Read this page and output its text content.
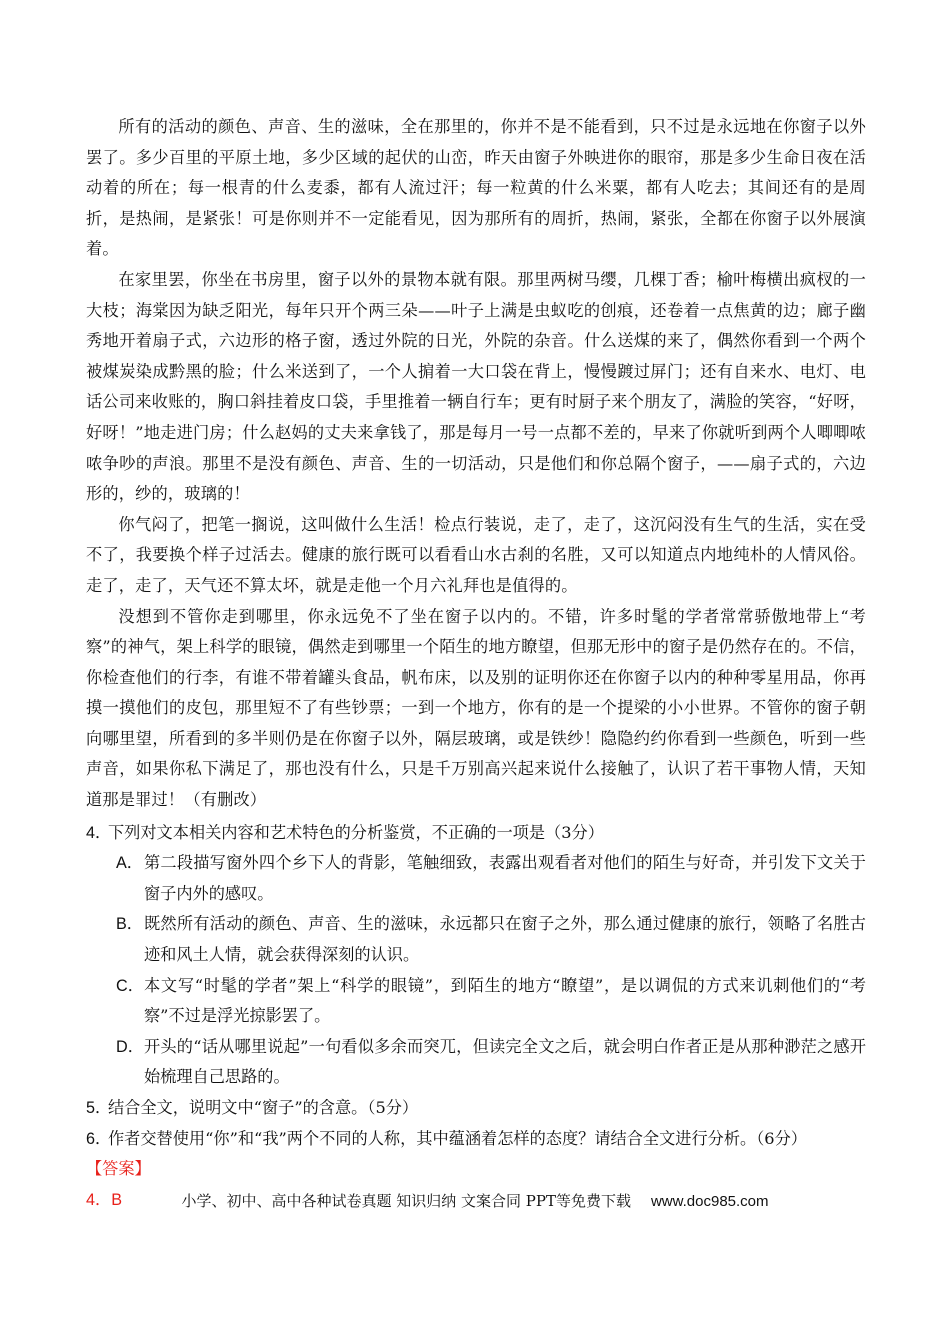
所有的活动的颜色、声音、生的滋味，全在那里的，你并不是不能看到，只不过是永远地在你窗子以外罢了。多少百里的平原土地，多少区域的起伏的山峦，昨天由窗子外映进你的眼帘，那是多少生命日夜在活动着的所在；每一根青的什么麦黍，都有人流过汗；每一粒黄的什么米粟，都有人吃去；其间还有的是周折，是热闹，是紧张！可是你则并不一定能看见，因为那所有的周折，热闹，紧张，全都在你窗子以外展演着。

在家里罢，你坐在书房里，窗子以外的景物本就有限。那里两树马缨，几棵丁香；榆叶梅横出疯杈的一大枝；海棠因为缺乏阳光，每年只开个两三朵——叶子上满是虫蚁吃的创痕，还卷着一点焦黄的边；廊子幽秀地开着扇子式，六边形的格子窗，透过外院的日光，外院的杂音。什么送煤的来了，偶然你看到一个两个被煤炭染成黔黑的脸；什么米送到了，一个人掮着一大口袋在背上，慢慢踱过屏门；还有自来水、电灯、电话公司来收账的，胸口斜挂着皮口袋，手里推着一辆自行车；更有时厨子来个朋友了，满脸的笑容，“好呀，好呀！”地走进门房；什么赵妈的丈夫来拿钱了，那是每月一号一点都不差的，早来了你就听到两个人唧唧哝哝争吵的声浪。那里不是没有颜色、声音、生的一切活动，只是他们和你总隔个窗子，——扇子式的，六边形的，纱的，玻璃的！

你气闷了，把笔一搁说，这叫做什么生活！检点行装说，走了，走了，这沉闷没有生气的生活，实在受不了，我要换个样子过活去。健康的旅行既可以看看山水古刹的名胜，又可以知道点内地纯朴的人情风俗。走了，走了，天气还不算太坏，就是走他一个月六礼拜也是值得的。

没想到不管你走到哪里，你永远免不了坐在窗子以内的。不错，许多时髦的学者常常骄傲地带上“考察”的神气，架上科学的眼镜，偶然走到哪里一个陌生的地方瞭望，但那无形中的窗子是仍然存在的。不信，你检查他们的行李，有谁不带着罐头食品，帆布床，以及别的证明你还在你窗子以内的种种零星用品，你再摸一摸他们的皮包，那里短不了有些钞票；一到一个地方，你有的是一个提梁的小小世界。不管你的窗子朝向哪里望，所看到的多半则仍是在你窗子以外，隔层玻璃，或是铁纱！隐隐约约你看到一些颜色，听到一些声音，如果你私下满足了，那也没有什么，只是千万别高兴起来说什么接触了，认识了若干事物人情，天知道那是罪过！（有删改）

4．
下列对文本相关内容和艺术特色的分析鉴赏，不正确的一项是（3分）
A． 第二段描写窗外四个乡下人的背影，笔触细致，表露出观看者对他们的陌生与好奇，并引发下文关于窗子内外的感叹。
B． 既然所有活动的颜色、声音、生的滋味，永远都只在窗子之外，那么通过健康的旅行，领略了名胜古迹和风土人情，就会获得深刻的认识。
C． 本文写“时髦的学者”架上“科学的眼镜”，到陌生的地方“瞭望”，是以调侃的方式来讥刺他们的“考察”不过是浮光掠影罢了。
D． 开头的“话从哪里说起”一句看似多余而突兀，但读完全文之后，就会明白作者正是从那种渺茫之感开始梳理自己思路的。
5．
结合全文，说明文中“窗子”的含意。（5分）
6．
作者交替使用“你”和“我”两个不同的人称，其中蕴涵着怎样的态度？请结合全文进行分析。（6分）

【答案】

4．B	小学、初中、高中各种试卷真题 知识归纳 文案合同 PPT等免费下载 www.doc985.com
